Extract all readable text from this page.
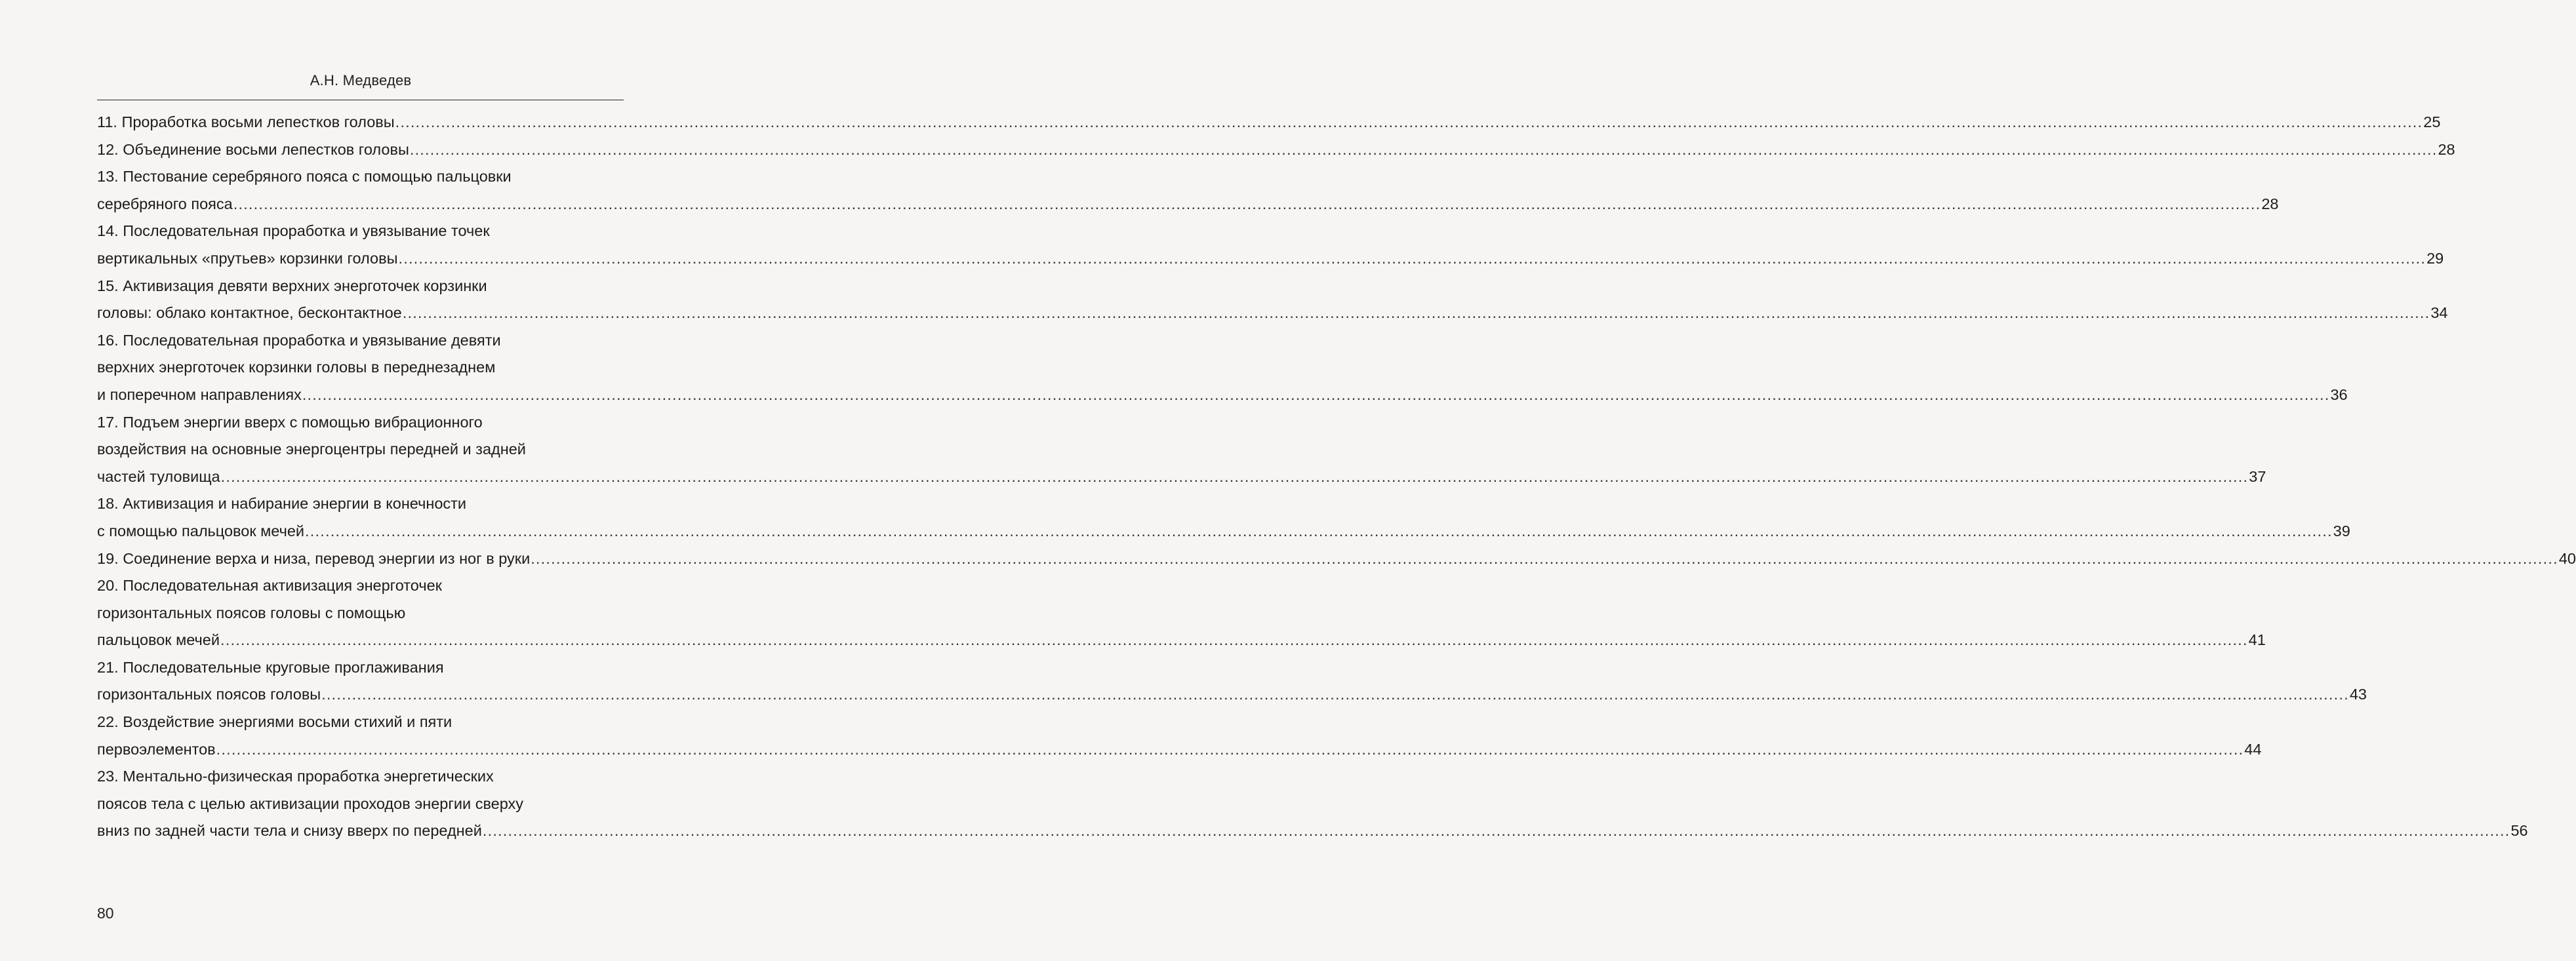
А.Н. Медведев
11. Проработка восьми лепестков головы ................................................................................................................................................................................................................................................................................................................................................................................................................ 25
12. Объединение восьми лепестков головы ................................................................................................................................................................................................................................................................................................................................................................................................................ 28
13. Пестование серебряного пояса с помощью пальцовки
серебряного пояса ................................................................................................................................................................................................................................................................................................................................................................................................................ 28
14. Последовательная проработка и увязывание точек
вертикальных «прутьев» корзинки головы ................................................................................................................................................................................................................................................................................................................................................................................................................ 29
15. Активизация девяти верхних энерготочек корзинки
головы: облако контактное, бесконтактное ................................................................................................................................................................................................................................................................................................................................................................................................................ 34
16. Последовательная проработка и увязывание девяти
верхних энерготочек корзинки головы в переднезаднем
и поперечном направлениях ................................................................................................................................................................................................................................................................................................................................................................................................................ 36
17. Подъем энергии вверх с помощью вибрационного
воздействия на основные энергоцентры передней и задней
частей туловища ................................................................................................................................................................................................................................................................................................................................................................................................................ 37
18. Активизация и набирание энергии в конечности
с помощью пальцовок мечей ................................................................................................................................................................................................................................................................................................................................................................................................................ 39
19. Соединение верха и низа, перевод энергии из ног в руки ................................................................................................................................................................................................................................................................................................................................................................................................................ 40
20. Последовательная активизация энерготочек
горизонтальных поясов головы с помощью
пальцовок мечей ................................................................................................................................................................................................................................................................................................................................................................................................................ 41
21. Последовательные круговые проглаживания
горизонтальных поясов головы ................................................................................................................................................................................................................................................................................................................................................................................................................ 43
22. Воздействие энергиями восьми стихий и пяти
первоэлементов ................................................................................................................................................................................................................................................................................................................................................................................................................ 44
23. Ментально-физическая проработка энергетических
поясов тела с целью активизации проходов энергии сверху
вниз по задней части тела и снизу вверх по передней ................................................................................................................................................................................................................................................................................................................................................................................................................ 56
80
